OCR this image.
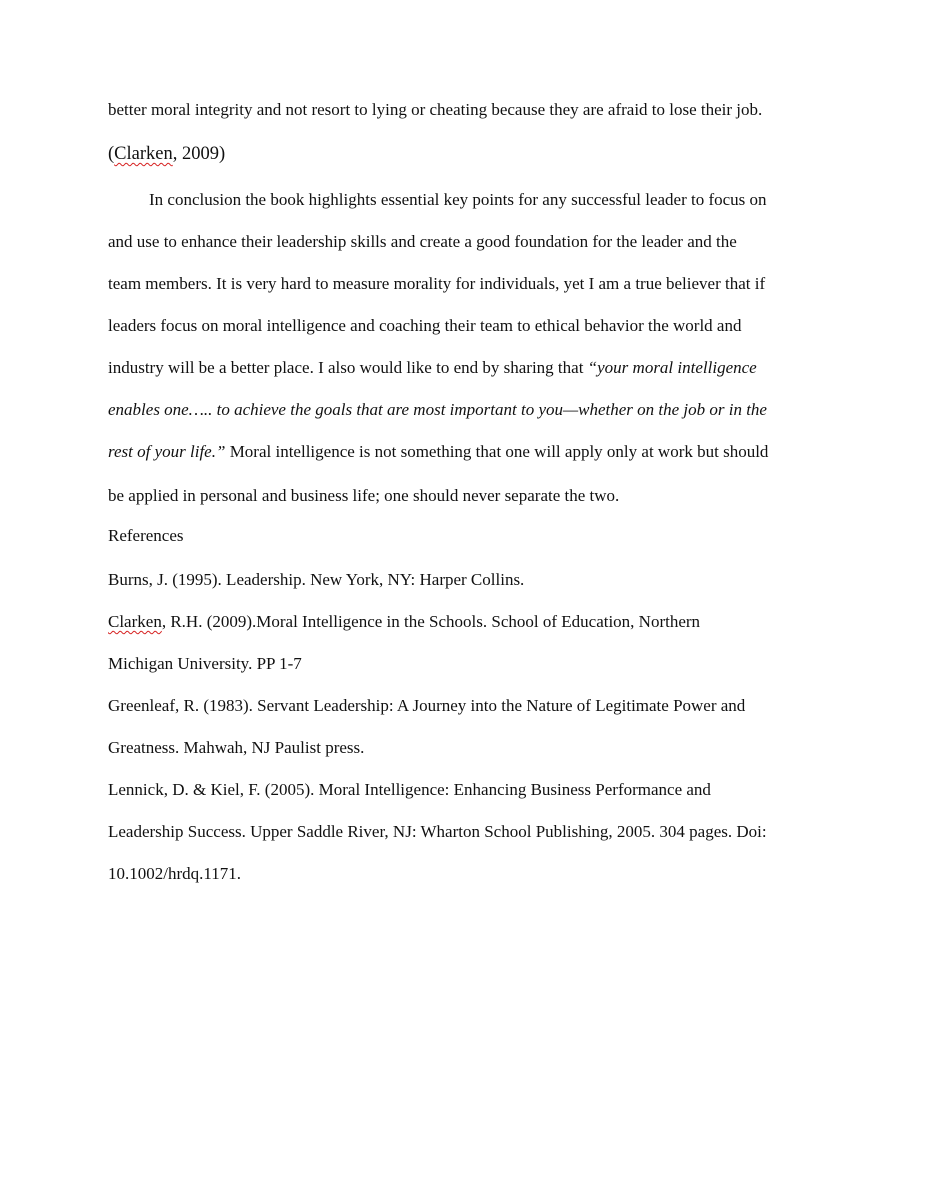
better moral integrity and not resort to lying or cheating because they are afraid to lose their job.
(Clarken, 2009)
In conclusion the book highlights essential key points for any successful leader to focus on
and use to enhance their leadership skills and create a good foundation for the leader and the
team members. It is very hard to measure morality for individuals, yet I am a true believer that if
leaders focus on moral intelligence and coaching their team to ethical behavior the world and
industry will be a better place. I also would like to end by sharing that “your moral intelligence
enables one….. to achieve the goals that are most important to you—whether on the job or in the
rest of your life.” Moral intelligence is not something that one will apply only at work but should
be applied in personal and business life; one should never separate the two.
References
Burns, J. (1995). Leadership. New York, NY: Harper Collins.
Clarken, R.H. (2009).Moral Intelligence in the Schools. School of Education, Northern
Michigan University. PP 1-7
Greenleaf, R. (1983). Servant Leadership: A Journey into the Nature of Legitimate Power and
Greatness. Mahwah, NJ Paulist press.
Lennick, D. & Kiel, F. (2005). Moral Intelligence: Enhancing Business Performance and
Leadership Success. Upper Saddle River, NJ: Wharton School Publishing, 2005. 304 pages. Doi:
10.1002/hrdq.1171.
